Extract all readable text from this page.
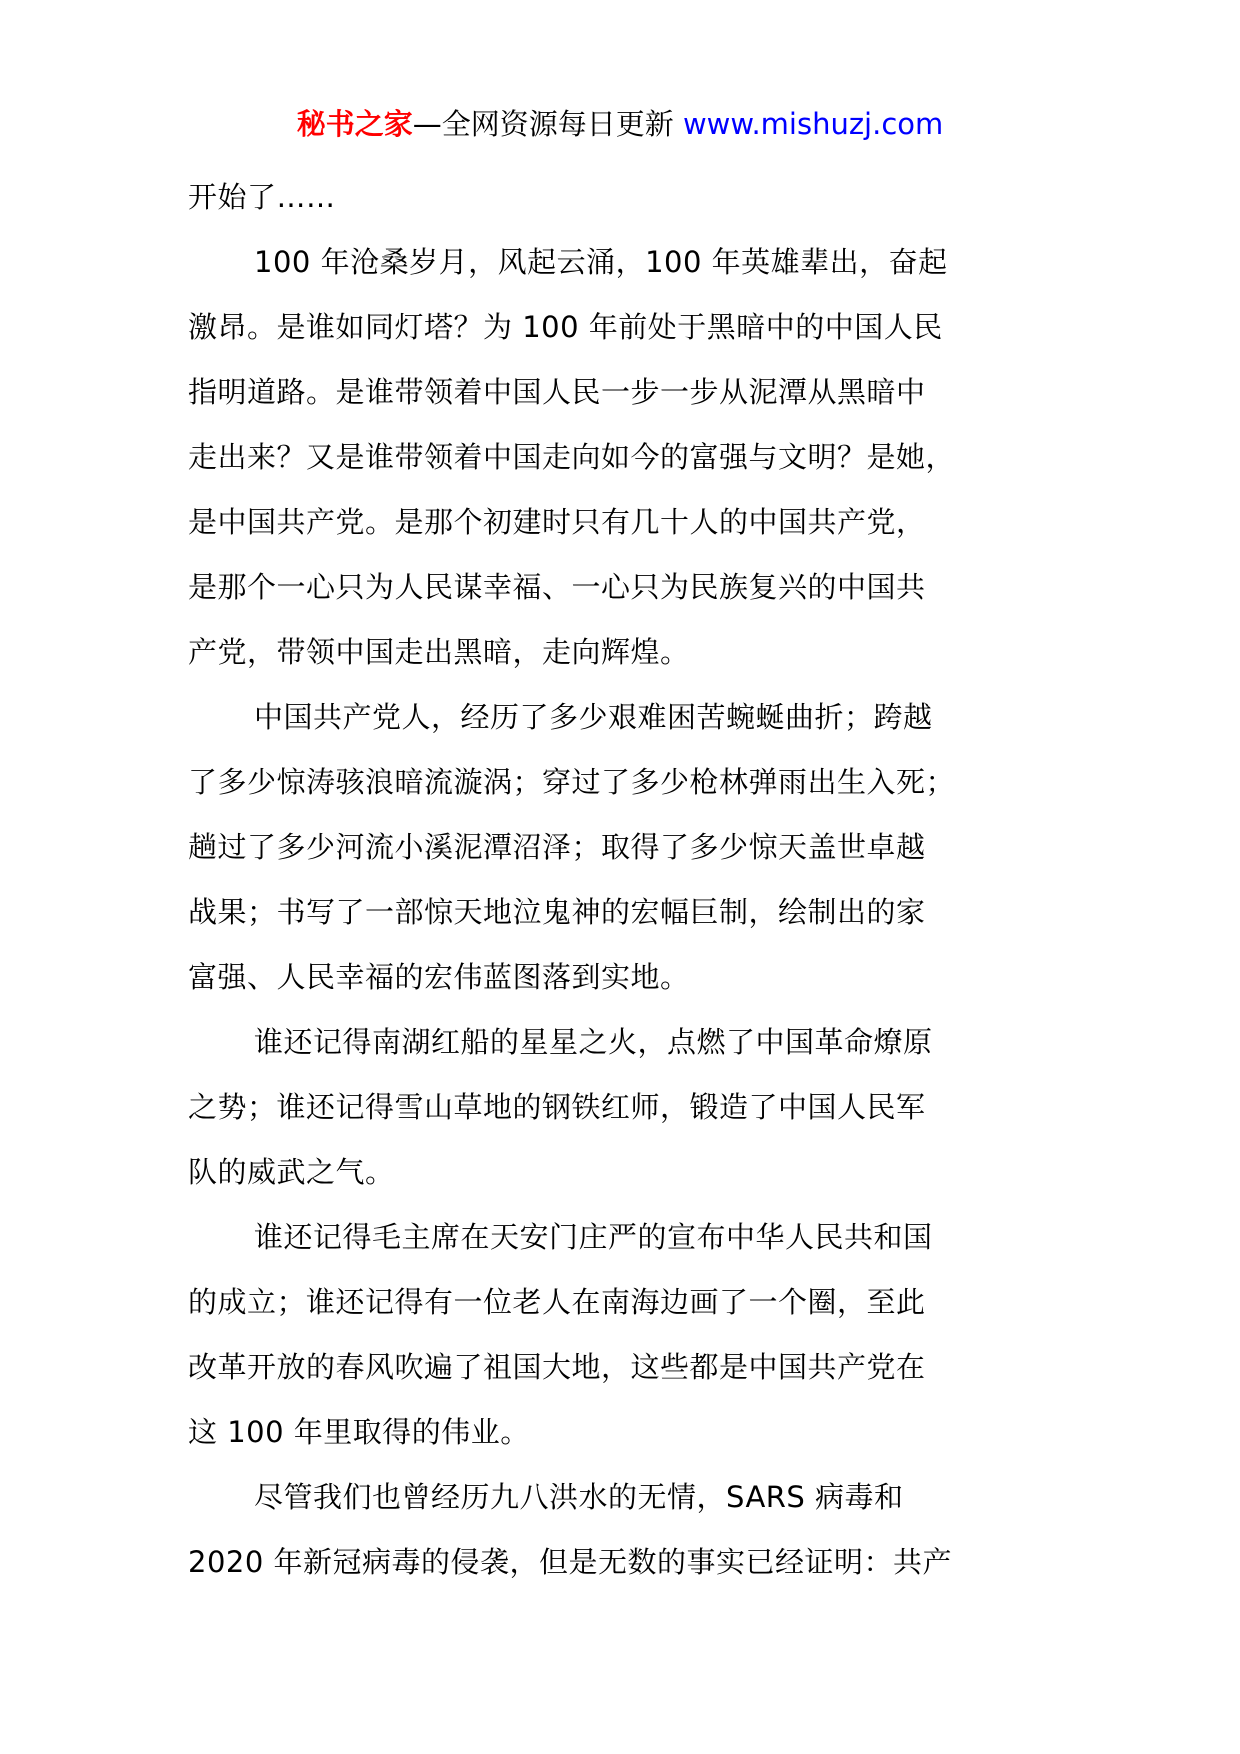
秘书之家—全网资源每日更新 www.mishuzj.com
开始了……
100 年沧桑岁月，风起云涌，100 年英雄辈出，奋起
激昂。是谁如同灯塔？为 100 年前处于黑暗中的中国人民
指明道路。是谁带领着中国人民一步一步从泥潭从黑暗中
走出来？又是谁带领着中国走向如今的富强与文明？是她，
是中国共产党。是那个初建时只有几十人的中国共产党，
是那个一心只为人民谋幸福、一心只为民族复兴的中国共
产党，带领中国走出黑暗，走向辉煌。
中国共产党人，经历了多少艰难困苦蜿蜒曲折；跨越
了多少惊涛骇浪暗流漩涡；穿过了多少枪林弹雨出生入死；
趟过了多少河流小溪泥潭沼泽；取得了多少惊天盖世卓越
战果；书写了一部惊天地泣鬼神的宏幅巨制，绘制出的家
富强、人民幸福的宏伟蓝图落到实地。
谁还记得南湖红船的星星之火，点燃了中国革命燎原
之势；谁还记得雪山草地的钢铁红师，锻造了中国人民军
队的威武之气。
谁还记得毛主席在天安门庄严的宣布中华人民共和国
的成立；谁还记得有一位老人在南海边画了一个圈，至此
改革开放的春风吹遍了祖国大地，这些都是中国共产党在
这 100 年里取得的伟业。
尽管我们也曾经历九八洪水的无情，SARS 病毒和
2020 年新冠病毒的侵袭，但是无数的事实已经证明：共产
